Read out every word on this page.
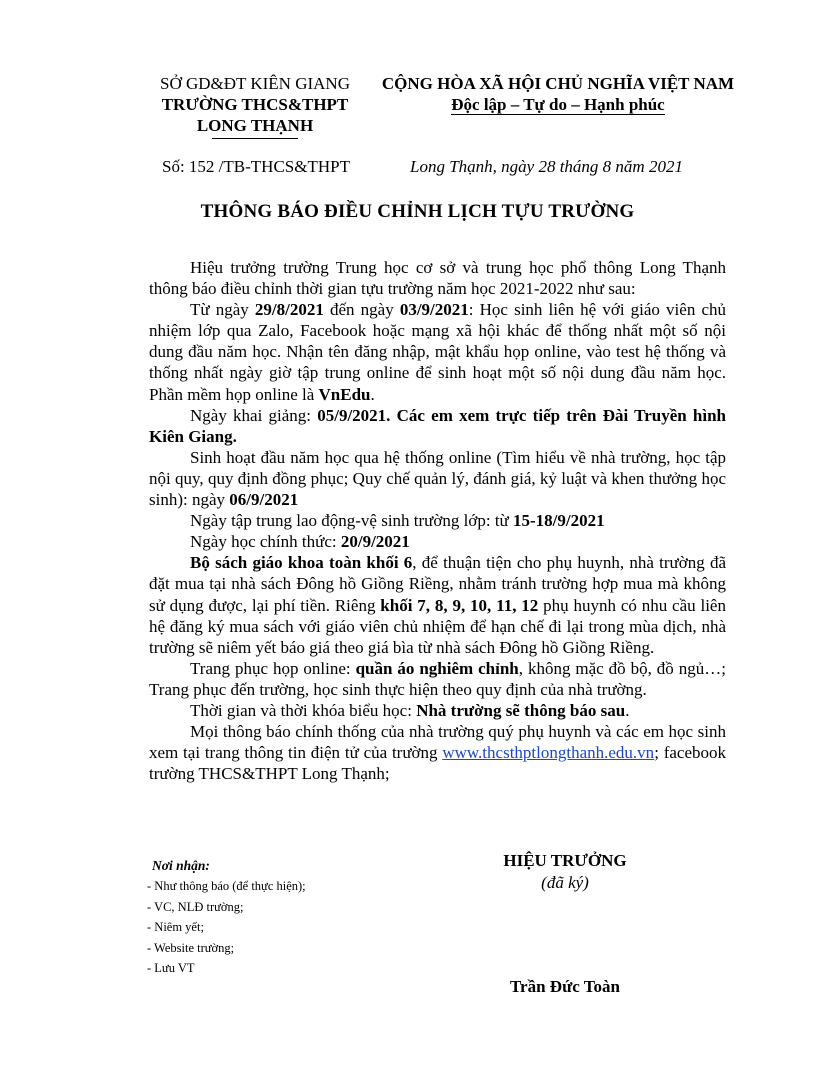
SỞ GD&ĐT KIÊN GIANG
TRƯỜNG THCS&THPT
LONG THẠNH
CỘNG HÒA XÃ HỘI CHỦ NGHĨA VIỆT NAM
Độc lập – Tự do – Hạnh phúc
Số: 152 /TB-THCS&THPT	Long Thạnh, ngày 28 tháng 8 năm 2021
THÔNG BÁO ĐIỀU CHỈNH LỊCH TỰU TRƯỜNG

Hiệu trưởng trường Trung học cơ sở và trung học phổ thông Long Thạnh thông báo điều chỉnh thời gian tựu trường năm học 2021-2022 như sau:

Từ ngày 29/8/2021 đến ngày 03/9/2021: Học sinh liên hệ với giáo viên chủ nhiệm lớp qua Zalo, Facebook hoặc mạng xã hội khác để thống nhất một số nội dung đầu năm học. Nhận tên đăng nhập, mật khẩu họp online, vào test hệ thống và thống nhất ngày giờ tập trung online để sinh hoạt một số nội dung đầu năm học. Phần mềm họp online là VnEdu.

Ngày khai giảng: 05/9/2021. Các em xem trực tiếp trên Đài Truyền hình Kiên Giang.

Sinh hoạt đầu năm học qua hệ thống online (Tìm hiểu về nhà trường, học tập nội quy, quy định đồng phục; Quy chế quản lý, đánh giá, kỷ luật và khen thưởng học sinh): ngày 06/9/2021

Ngày tập trung lao động-vệ sinh trường lớp: từ 15-18/9/2021

Ngày học chính thức: 20/9/2021

Bộ sách giáo khoa toàn khối 6, để thuận tiện cho phụ huynh, nhà trường đã đặt mua tại nhà sách Đông hồ Giồng Riềng, nhằm tránh trường hợp mua mà không sử dụng được, lại phí tiền. Riêng khối 7, 8, 9, 10, 11, 12 phụ huynh có nhu cầu liên hệ đăng ký mua sách với giáo viên chủ nhiệm để hạn chế đi lại trong mùa dịch, nhà trường sẽ niêm yết báo giá theo giá bìa từ nhà sách Đông hồ Giồng Riềng.

Trang phục họp online: quần áo nghiêm chỉnh, không mặc đồ bộ, đồ ngủ…; Trang phục đến trường, học sinh thực hiện theo quy định của nhà trường.

Thời gian và thời khóa biểu học: Nhà trường sẽ thông báo sau.

Mọi thông báo chính thống của nhà trường quý phụ huynh và các em học sinh xem tại trang thông tin điện tử của trường www.thcsthptlongthanh.edu.vn; facebook trường THCS&THPT Long Thạnh;

Nơi nhận:
- Như thông báo (để thực hiện);
- VC, NLĐ trường;
- Niêm yết;
- Website trường;
- Lưu VT
HIỆU TRƯỞNG
(đã ký)
Trần Đức Toàn
